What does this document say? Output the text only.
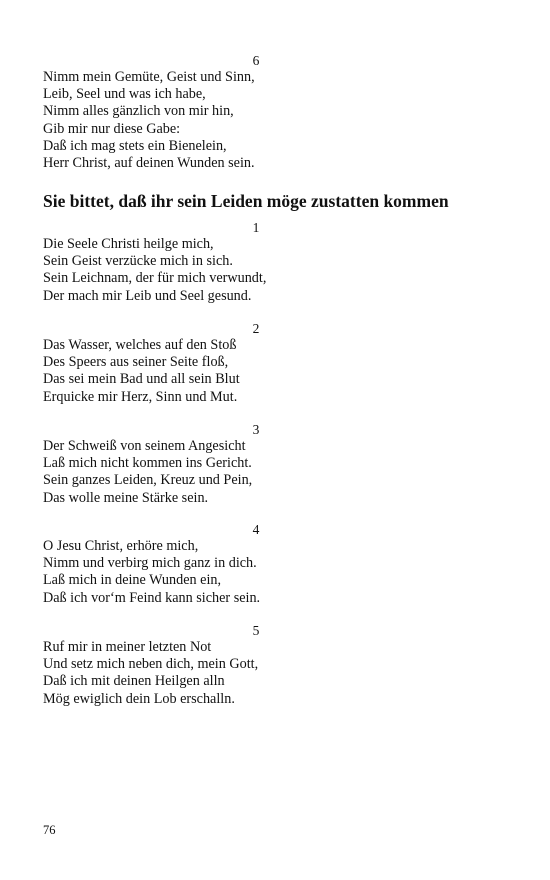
6
Nimm mein Gemüte, Geist und Sinn,
Leib, Seel und was ich habe,
Nimm alles gänzlich von mir hin,
Gib mir nur diese Gabe:
Daß ich mag stets ein Bienelein,
Herr Christ, auf deinen Wunden sein.
Sie bittet, daß ihr sein Leiden möge zustatten kommen
1
Die Seele Christi heilge mich,
Sein Geist verzücke mich in sich.
Sein Leichnam, der für mich verwundt,
Der mach mir Leib und Seel gesund.
2
Das Wasser, welches auf den Stoß
Des Speers aus seiner Seite floß,
Das sei mein Bad und all sein Blut
Erquicke mir Herz, Sinn und Mut.
3
Der Schweiß von seinem Angesicht
Laß mich nicht kommen ins Gericht.
Sein ganzes Leiden, Kreuz und Pein,
Das wolle meine Stärke sein.
4
O Jesu Christ, erhöre mich,
Nimm und verbirg mich ganz in dich.
Laß mich in deine Wunden ein,
Daß ich vor‘m Feind kann sicher sein.
5
Ruf mir in meiner letzten Not
Und setz mich neben dich, mein Gott,
Daß ich mit deinen Heilgen alln
Mög ewiglich dein Lob erschalln.
76
